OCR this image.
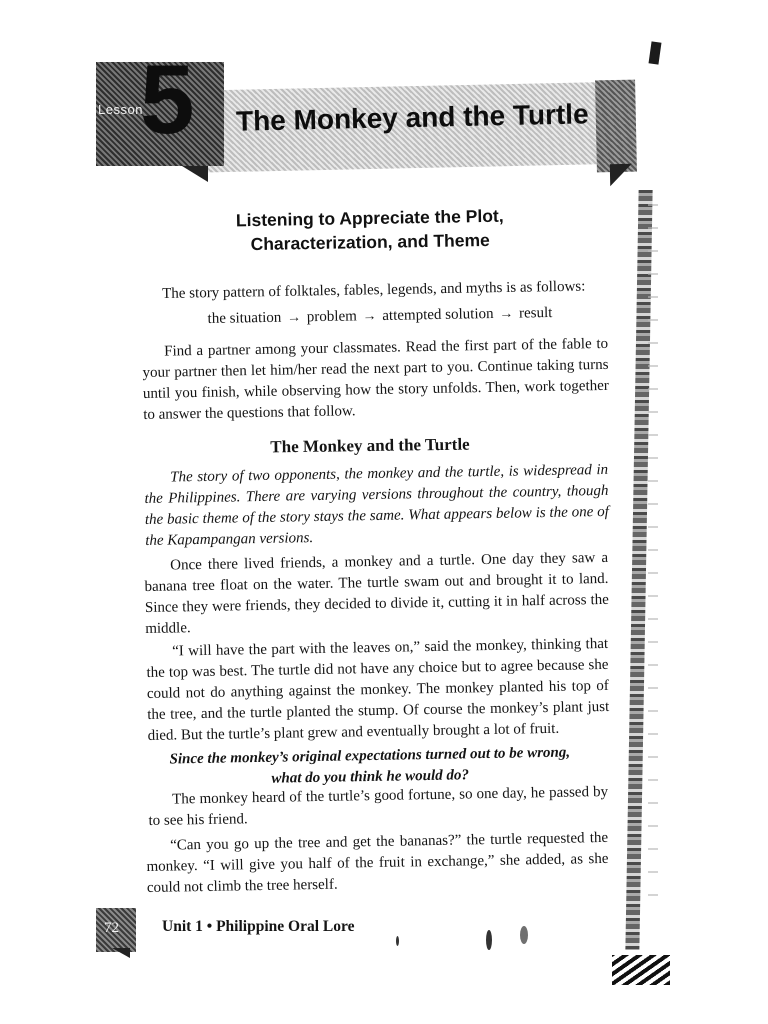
Lesson
5 The Monkey and the Turtle
Listening to Appreciate the Plot,
Characterization, and Theme
The story pattern of folktales, fables, legends, and myths is as follows:
the situation → problem → attempted solution → result
Find a partner among your classmates. Read the first part of the fable to your partner then let him/her read the next part to you. Continue taking turns until you finish, while observing how the story unfolds. Then, work together to answer the questions that follow.
The Monkey and the Turtle
The story of two opponents, the monkey and the turtle, is widespread in the Philippines. There are varying versions throughout the country, though the basic theme of the story stays the same. What appears below is the one of the Kapampangan versions.
Once there lived friends, a monkey and a turtle. One day they saw a banana tree float on the water. The turtle swam out and brought it to land. Since they were friends, they decided to divide it, cutting it in half across the middle.
“I will have the part with the leaves on,” said the monkey, thinking that the top was best. The turtle did not have any choice but to agree because she could not do anything against the monkey. The monkey planted his top of the tree, and the turtle planted the stump. Of course the monkey’s plant just died. But the turtle’s plant grew and eventually brought a lot of fruit.
Since the monkey’s original expectations turned out to be wrong,
what do you think he would do?
The monkey heard of the turtle’s good fortune, so one day, he passed by to see his friend.
“Can you go up the tree and get the bananas?” the turtle requested the monkey. “I will give you half of the fruit in exchange,” she added, as she could not climb the tree herself.
72	Unit 1 • Philippine Oral Lore
